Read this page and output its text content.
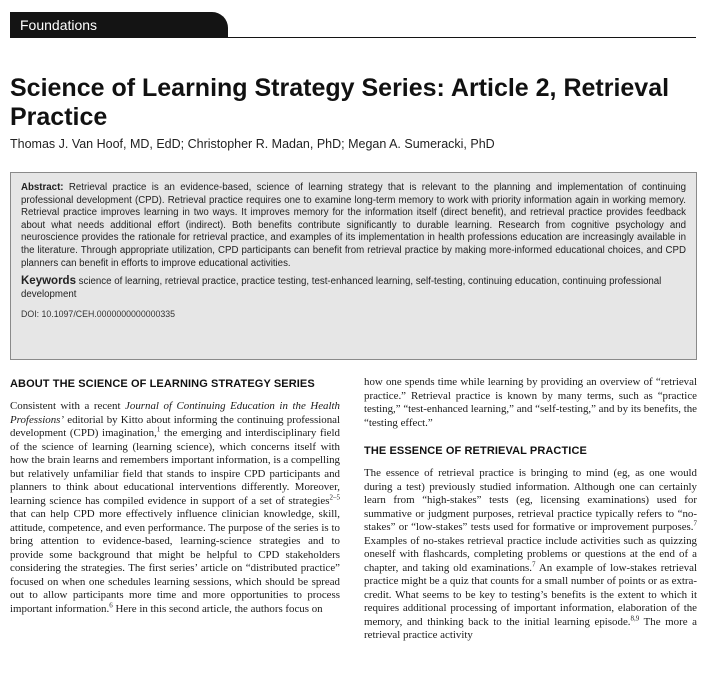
Foundations
Science of Learning Strategy Series: Article 2, Retrieval Practice
Thomas J. Van Hoof, MD, EdD; Christopher R. Madan, PhD; Megan A. Sumeracki, PhD

Abstract: Retrieval practice is an evidence-based, science of learning strategy that is relevant to the planning and implementation of continuing professional development (CPD). Retrieval practice requires one to examine long-term memory to work with priority information again in working memory. Retrieval practice improves learning in two ways. It improves memory for the information itself (direct benefit), and retrieval practice provides feedback about what needs additional effort (indirect). Both benefits contribute significantly to durable learning. Research from cognitive psychology and neuroscience provides the rationale for retrieval practice, and examples of its implementation in health professions education are increasingly available in the literature. Through appropriate utilization, CPD participants can benefit from retrieval practice by making more-informed educational choices, and CPD planners can benefit in efforts to improve educational activities.

Keywords science of learning, retrieval practice, practice testing, test-enhanced learning, self-testing, continuing education, continuing professional development

DOI: 10.1097/CEH.0000000000000335

ABOUT THE SCIENCE OF LEARNING STRATEGY SERIES

Consistent with a recent Journal of Continuing Education in the Health Professions’ editorial by Kitto about informing the continuing professional development (CPD) imagination,$^1$ the emerging and interdisciplinary field of the science of learning (learning science), which concerns itself with how the brain learns and remembers important information, is a compelling but relatively unfamiliar field that stands to inspire CPD participants and planners to think about educational interventions differently. Moreover, learning science has compiled evidence in support of a set of strategies$^{2-5}$ that can help CPD more effectively influence clinician knowledge, skill, attitude, competence, and even performance. The purpose of the series is to bring attention to evidence-based, learning-science strategies and to provide some background that might be helpful to CPD stakeholders considering the strategies. The first series’ article on “distributed practice” focused on when one schedules learning sessions, which should be spread out to allow participants more time and more opportunities to process important information.$^6$ Here in this second article, the authors focus on

how one spends time while learning by providing an overview of “retrieval practice.” Retrieval practice is known by many terms, such as “practice testing,” “test-enhanced learning,” and “self-testing,” and by its benefits, the “testing effect.”

THE ESSENCE OF RETRIEVAL PRACTICE

The essence of retrieval practice is bringing to mind (eg, as one would during a test) previously studied information. Although one can certainly learn from “high-stakes” tests (eg, licensing examinations) used for summative or judgment purposes, retrieval practice typically refers to “no-stakes” or “low-stakes” tests used for formative or improvement purposes.$^7$ Examples of no-stakes retrieval practice include activities such as quizzing oneself with flashcards, completing problems or questions at the end of a chapter, and taking old examinations.$^7$ An example of low-stakes retrieval practice might be a quiz that counts for a small number of points or as extra-credit. What seems to be key to testing’s benefits is the extent to which it requires additional processing of important information, elaboration of the memory, and thinking back to the initial learning episode.$^{8,9}$ The more a retrieval practice activity
